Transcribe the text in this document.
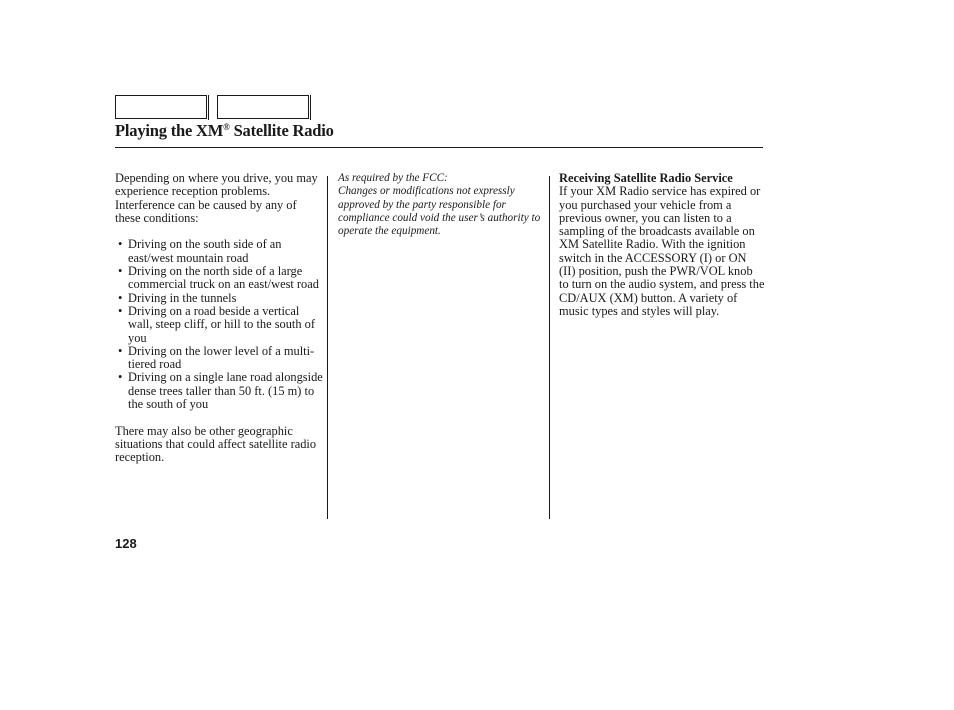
Playing the XM® Satellite Radio

Depending on where you drive, you may experience reception problems. Interference can be caused by any of these conditions:

• Driving on the south side of an east/west mountain road
• Driving on the north side of a large commercial truck on an east/west road
• Driving in the tunnels
• Driving on a road beside a vertical wall, steep cliff, or hill to the south of you
• Driving on the lower level of a multi-tiered road
• Driving on a single lane road alongside dense trees taller than 50 ft. (15 m) to the south of you

There may also be other geographic situations that could affect satellite radio reception.

As required by the FCC:

Changes or modifications not expressly approved by the party responsible for compliance could void the user’s authority to operate the equipment.

Receiving Satellite Radio Service

If your XM Radio service has expired or you purchased your vehicle from a previous owner, you can listen to a sampling of the broadcasts available on XM Satellite Radio. With the ignition switch in the ACCESSORY (I) or ON (II) position, push the PWR/VOL knob to turn on the audio system, and press the CD/AUX (XM) button. A variety of music types and styles will play.

128
